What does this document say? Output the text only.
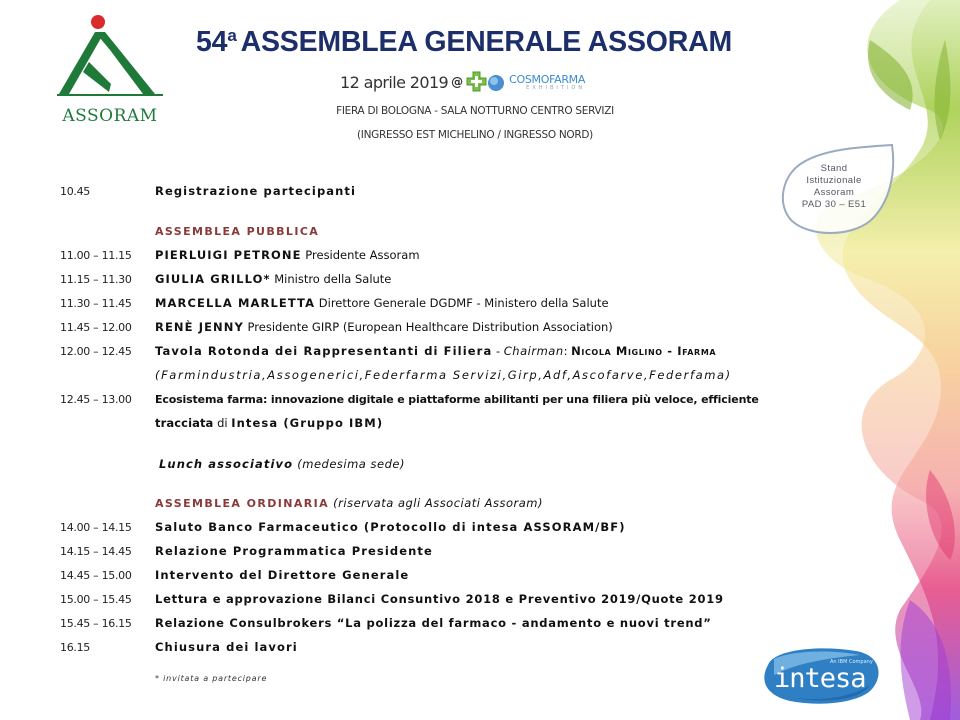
ASSORAM
54$^a$ ASSEMBLEA GENERALE ASSORAM
12 aprile 2019 @	COSMOFARMA
EXHIBITION
FIERA DI BOLOGNA - SALA NOTTURNO CENTRO SERVIZI
(INGRESSO EST MICHELINO / INGRESSO NORD)
Stand
Istituzionale
Assoram
PAD 30 – E51
10.45	Registrazione partecipanti
ASSEMBLEA PUBBLICA
11.00 – 11.15	PIERLUIGI PETRONE Presidente Assoram
11.15 – 11.30	GIULIA GRILLO* Ministro della Salute
11.30 – 11.45	MARCELLA MARLETTA Direttore Generale DGDMF - Ministero della Salute
11.45 – 12.00	RENÈ JENNY Presidente GIRP (European Healthcare Distribution Association)
12.00 – 12.45	Tavola Rotonda dei Rappresentanti di Filiera - Chairman: Nicola Miglino - Ifarma
(Farmindustria,Assogenerici,Federfarma Servizi,Girp,Adf,Ascofarve,Federfama)
12.45 – 13.00	Ecosistema farma: innovazione digitale e piattaforme abilitanti per una filiera più veloce, efficiente
tracciata di Intesa (Gruppo IBM)
Lunch associativo (medesima sede)
ASSEMBLEA ORDINARIA (riservata agli Associati Assoram)
14.00 – 14.15	Saluto Banco Farmaceutico (Protocollo di intesa ASSORAM/BF)
14.15 – 14.45	Relazione Programmatica Presidente
14.45 – 15.00	Intervento del Direttore Generale
15.00 – 15.45	Lettura e approvazione Bilanci Consuntivo 2018 e Preventivo 2019/Quote 2019
15.45 – 16.15	Relazione Consulbrokers “La polizza del farmaco - andamento e nuovi trend”
16.15	Chiusura dei lavori
* invitata a partecipare
An IBM Company
intesa
